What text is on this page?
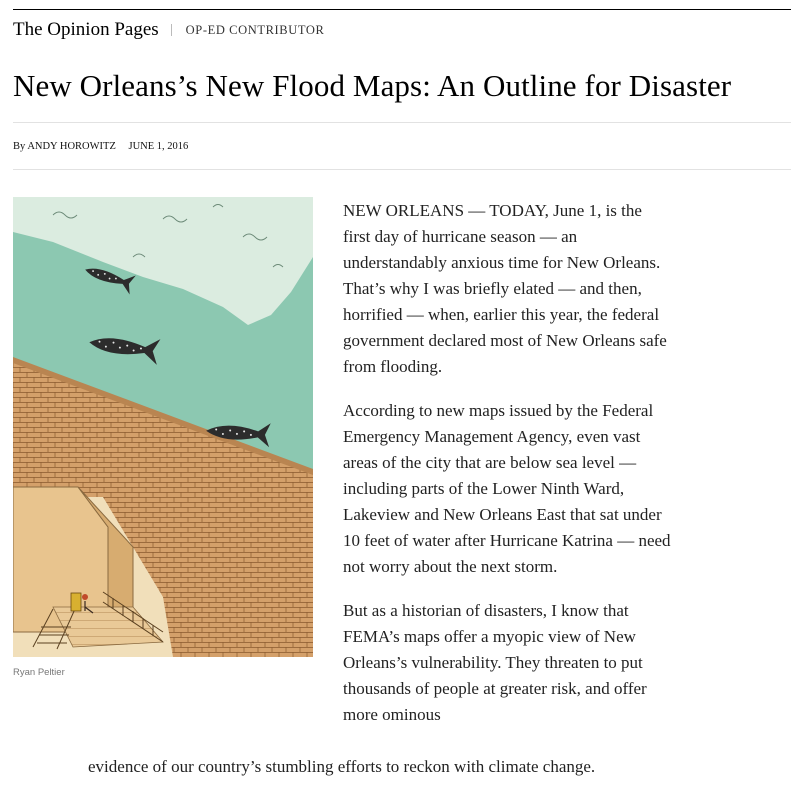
The Opinion Pages OP-ED CONTRIBUTOR
New Orleans’s New Flood Maps: An Outline for Disaster
By ANDY HOROWITZ JUNE 1, 2016
Ryan Peltier

NEW ORLEANS — TODAY, June 1, is the first day of hurricane season — an understandably anxious time for New Orleans. That’s why I was briefly elated — and then, horrified — when, earlier this year, the federal government declared most of New Orleans safe from flooding.

According to new maps issued by the Federal Emergency Management Agency, even vast areas of the city that are below sea level — including parts of the Lower Ninth Ward, Lakeview and New Orleans East that sat under 10 feet of water after Hurricane Katrina — need not worry about the next storm.

But as a historian of disasters, I know that FEMA’s maps offer a myopic view of New Orleans’s vulnerability. They threaten to put thousands of people at greater risk, and offer more ominous

evidence of our country’s stumbling efforts to reckon with climate change.
